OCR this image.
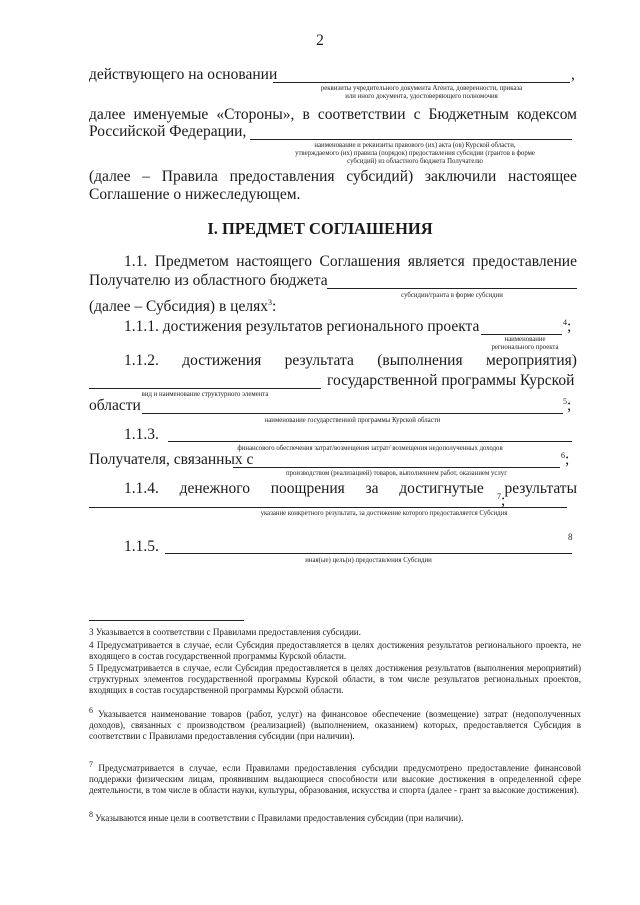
2
действующего на основании	,
реквизиты учредительного документа Агента, доверенности, приказа
или иного документа, удостоверяющего полномочия
далее именуемые «Стороны», в соответствии с Бюджетным кодексом
Российской Федерации,
наименование и реквизиты правового (их) акта (ов) Курской области,
утверждаемого (их) правила (порядок) предоставления субсидии (грантов в форме
субсидий) из областного бюджета Получателю
(далее – Правила предоставления субсидий) заключили настоящее
Соглашение о нижеследующем.
I. ПРЕДМЕТ СОГЛАШЕНИЯ
1.1. Предметом настоящего Соглашения является предоставление
Получателю из областного бюджета
субсидии/гранта в форме субсидии
(далее – Субсидия) в целях$^3$:
1.1.1. достижения результатов регионального проекта	$^4$;
наименование
регионального проекта
1.1.2. достижения результата (выполнения мероприятия)
вид и наименование структурного элемента
государственной программы Курской
области	$^5$;
наименование государственной программы Курской области
1.1.3.
финансового обеспечения затрат/возмещения затрат/ возмещения недополученных доходов
Получателя, связанных с	$^6$;
производством (реализацией) товаров, выполнением работ, оказанием услуг
1.1.4. денежного поощрения за достигнутые результаты
$^7$;
указание конкретного результата, за достижение которого предоставляется Субсидия
1.1.5.
8
иная(ые) цель(и) предоставления Субсидии
3 Указывается в соответствии с Правилами предоставления субсидии.
4 Предусматривается в случае, если Субсидия предоставляется в целях достижения результатов регионального проекта, не входящего в состав государственной программы Курской области.
5 Предусматривается в случае, если Субсидия предоставляется в целях достижения результатов (выполнения мероприятий) структурных элементов государственной программы Курской области, в том числе результатов региональных проектов, входящих в состав государственной программы Курской области.
$^6$ Указывается наименование товаров (работ, услуг) на финансовое обеспечение (возмещение) затрат (недополученных доходов), связанных с производством (реализацией) (выполнением, оказанием) которых, предоставляется Субсидия в соответствии с Правилами предоставления субсидии (при наличии).
$^7$ Предусматривается в случае, если Правилами предоставления субсидии предусмотрено предоставление финансовой поддержки физическим лицам, проявившим выдающиеся способности или высокие достижения в определенной сфере деятельности, в том числе в области науки, культуры, образования, искусства и спорта (далее - грант за высокие достижения).
$^8$ Указываются иные цели в соответствии с Правилами предоставления субсидии (при наличии).
